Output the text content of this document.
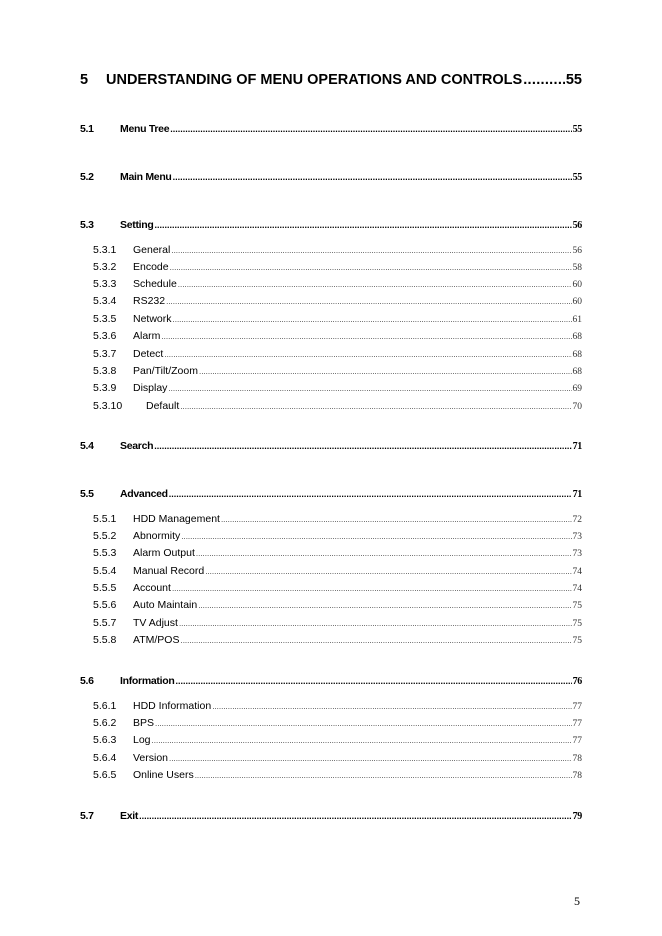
5	UNDERSTANDING OF MENU OPERATIONS AND CONTROLS .....	55
5.1	Menu Tree .....	55
5.2	Main Menu .....	55
5.3	Setting .....	56
5.3.1	General .....	56
5.3.2	Encode .....	58
5.3.3	Schedule .....	60
5.3.4	RS232 .....	60
5.3.5	Network .....	61
5.3.6	Alarm .....	68
5.3.7	Detect .....	68
5.3.8	Pan/Tilt/Zoom .....	68
5.3.9	Display .....	69
5.3.10	Default .....	70
5.4	Search .....	71
5.5	Advanced .....	71
5.5.1	HDD Management .....	72
5.5.2	Abnormity .....	73
5.5.3	Alarm Output .....	73
5.5.4	Manual Record .....	74
5.5.5	Account .....	74
5.5.6	Auto Maintain .....	75
5.5.7	TV Adjust .....	75
5.5.8	ATM/POS .....	75
5.6	Information .....	76
5.6.1	HDD Information .....	77
5.6.2	BPS .....	77
5.6.3	Log .....	77
5.6.4	Version .....	78
5.6.5	Online Users .....	78
5.7	Exit .....	79
5
